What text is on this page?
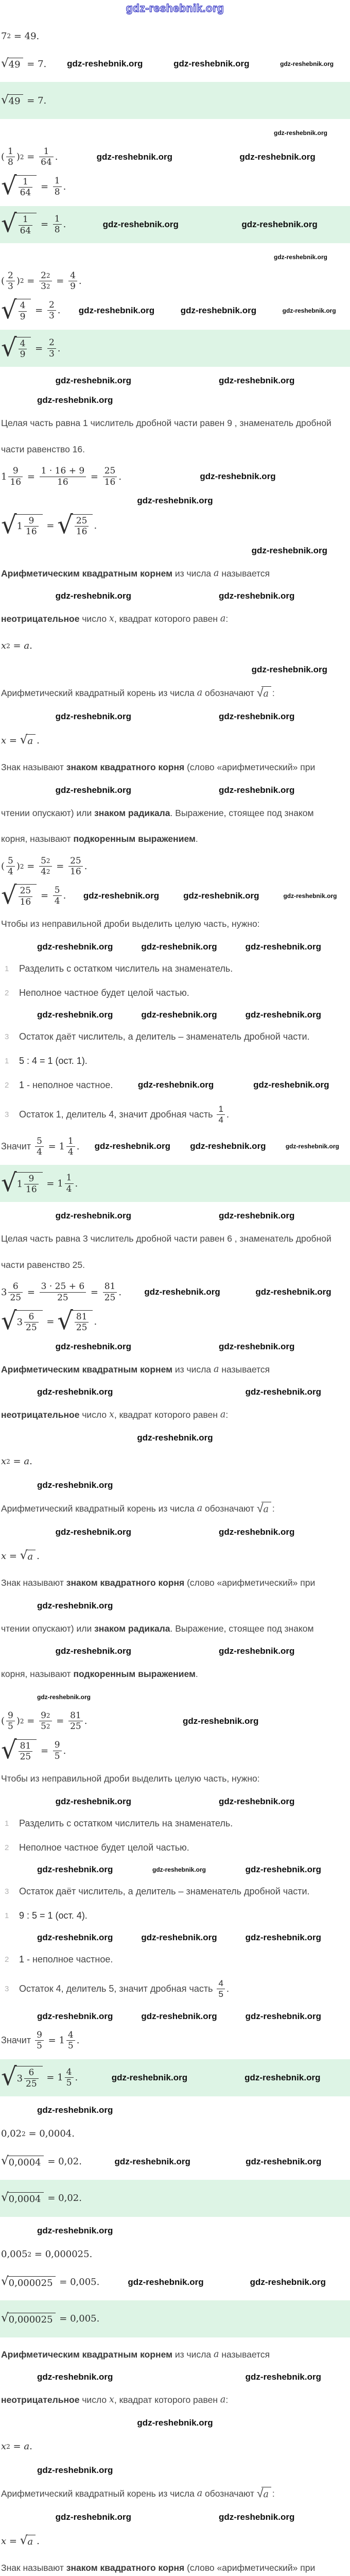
gdz-reshebnik.org
7 2 = 49.
√ 49 = 7. gdz-reshebnik.org	gdz-reshebnik.org	gdz-reshebnik.org
√ 49 = 7.
gdz-reshebnik.org
( $\frac{1}{8}$ ) $2 = \frac{1}{64}$ .	gdz-reshebnik.org	gdz-reshebnik.org
√ $\frac{1}{64} = \frac{1}{8}$ .
√ $\frac{1}{64} = \frac{1}{8}$ .	gdz-reshebnik.org	gdz-reshebnik.org
gdz-reshebnik.org
( $\frac{2}{3}$ ) $2 = \frac{2 2}{3 2} = \frac{4}{9}$ .
√ $\frac{4}{9} = \frac{2}{3}$ . gdz-reshebnik.org	gdz-reshebnik.org	gdz-reshebnik.org
√ $\frac{4}{9} = \frac{2}{3}$ .
gdz-reshebnik.org	gdz-reshebnik.org
gdz-reshebnik.org
Целая часть равна 1 числитель дробной части равен 9 , знаменатель дробной
части равенство 16.
$1 \frac{9}{16} = \frac{1 \cdot 16 + 9}{16} = \frac{25}{16}$ .	gdz-reshebnik.org
gdz-reshebnik.org
√ $1 \frac{9}{16}$ = √ $\frac{25}{16}$ .
gdz-reshebnik.org
Арифметическим квадратным корнем из числа a называется
gdz-reshebnik.org	gdz-reshebnik.org
неотрицательное число x , квадрат которого равен a :
x 2 = a .
gdz-reshebnik.org
Арифметический квадратный корень из числа a обозначают √ a :
gdz-reshebnik.org	gdz-reshebnik.org
x = √ a .
Знак называют знаком квадратного корня (слово «арифметический» при
gdz-reshebnik.org	gdz-reshebnik.org
чтении опускают) или знаком радикала . Выражение, стоящее под знаком
корня, называют подкоренным выражением .
( $\frac{5}{4}$ ) $2 = \frac{5 2}{4 2} = \frac{25}{16}$ .
√ $\frac{25}{16} = \frac{5}{4}$ . gdz-reshebnik.org	gdz-reshebnik.org	gdz-reshebnik.org
Чтобы из неправильной дроби выделить целую часть, нужно:
gdz-reshebnik.org	gdz-reshebnik.org	gdz-reshebnik.org
1	Разделить с остатком числитель на знаменатель.
2	Неполное частное будет целой частью.
gdz-reshebnik.org	gdz-reshebnik.org	gdz-reshebnik.org
3	Остаток даёт числитель, а делитель – знаменатель дробной части.
1	5 : 4 = 1 (ост. 1).
2	1 - неполное частное.	gdz-reshebnik.org	gdz-reshebnik.org
3	Остаток 1, делитель 4, значит дробная часть $\frac{1}{4}$ .
Значит $\frac{5}{4} = 1 \frac{1}{4}$ . gdz-reshebnik.org gdz-reshebnik.org	gdz-reshebnik.org
√ $1 \frac{9}{16} = 1 \frac{1}{4}$ .
gdz-reshebnik.org	gdz-reshebnik.org
Целая часть равна 3 числитель дробной части равен 6 , знаменатель дробной
части равенство 25.
$3 \frac{6}{25} = \frac{3 \cdot 25 + 6}{25} = \frac{81}{25}$ .	gdz-reshebnik.org	gdz-reshebnik.org
√ $3 \frac{6}{25}$ = √ $\frac{81}{25}$ .
gdz-reshebnik.org	gdz-reshebnik.org
Арифметическим квадратным корнем из числа a называется
gdz-reshebnik.org	gdz-reshebnik.org
неотрицательное число x , квадрат которого равен a :
gdz-reshebnik.org
x 2 = a .
gdz-reshebnik.org
Арифметический квадратный корень из числа a обозначают √ a :
gdz-reshebnik.org	gdz-reshebnik.org
x = √ a .
Знак называют знаком квадратного корня (слово «арифметический» при
gdz-reshebnik.org
чтении опускают) или знаком радикала . Выражение, стоящее под знаком
gdz-reshebnik.org	gdz-reshebnik.org
корня, называют подкоренным выражением .
gdz-reshebnik.org
( $\frac{9}{5}$ ) $2 = \frac{9 2}{5 2} = \frac{81}{25}$ .	gdz-reshebnik.org
√ $\frac{81}{25} = \frac{9}{5}$ .
Чтобы из неправильной дроби выделить целую часть, нужно:
gdz-reshebnik.org	gdz-reshebnik.org
1	Разделить с остатком числитель на знаменатель.
2	Неполное частное будет целой частью.
gdz-reshebnik.org	gdz-reshebnik.org	gdz-reshebnik.org
3	Остаток даёт числитель, а делитель – знаменатель дробной части.
1	9 : 5 = 1 (ост. 4).
gdz-reshebnik.org	gdz-reshebnik.org	gdz-reshebnik.org
2	1 - неполное частное.
3	Остаток 4, делитель 5, значит дробная часть $\frac{4}{5}$ .
gdz-reshebnik.org	gdz-reshebnik.org	gdz-reshebnik.org
Значит $\frac{9}{5} = 1 \frac{4}{5}$ .
√ $3 \frac{6}{25} = 1 \frac{4}{5}$ .	gdz-reshebnik.org	gdz-reshebnik.org
gdz-reshebnik.org
0,02 2 = 0,0004.
√ 0,0004 = 0,02.	gdz-reshebnik.org	gdz-reshebnik.org
√ 0,0004 = 0,02.
gdz-reshebnik.org
0,005 2 = 0,000025.
√ 0,000025 = 0,005.	gdz-reshebnik.org	gdz-reshebnik.org
√ 0,000025 = 0,005.
Арифметическим квадратным корнем из числа a называется
gdz-reshebnik.org	gdz-reshebnik.org
неотрицательное число x , квадрат которого равен a :
gdz-reshebnik.org
x 2 = a .
gdz-reshebnik.org
Арифметический квадратный корень из числа a обозначают √ a :
gdz-reshebnik.org	gdz-reshebnik.org
x = √ a .
Знак называют знаком квадратного корня (слово «арифметический» при
